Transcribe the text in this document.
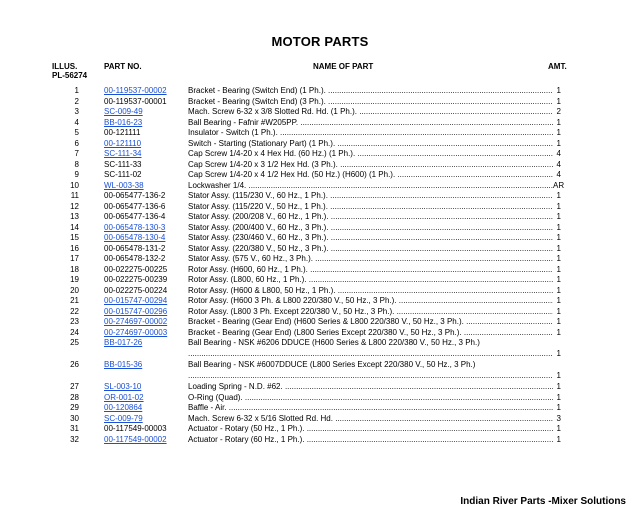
MOTOR PARTS
ILLUS.
PL-56274
PART NO.	NAME OF PART	AMT.
1	00-119537-00002	Bracket - Bearing (Switch End) (1 Ph.). .....	1
2	00-119537-00001	Bracket - Bearing (Switch End) (3 Ph.). .....	1
3	SC-009-49	Mach. Screw 6-32 x 3/8 Slotted Rd. Hd. (1 Ph.). .....	2
4	BB-016-23	Ball Bearing - Fafnir #W205PP. .....	1
5	00-121111	Insulator - Switch (1 Ph.). .....	1
6	00-121110	Switch - Starting (Stationary Part) (1 Ph.). .....	1
7	SC-111-34	Cap Screw 1/4-20 x 4 Hex Hd. (60 Hz.) (1 Ph.). .....	4
8	SC-111-33	Cap Screw 1/4-20 x 3 1/2 Hex Hd. (3 Ph.). .....	4
9	SC-111-02	Cap Screw 1/4-20 x 4 1/2 Hex Hd. (50 Hz.) (H600) (1 Ph.). .....	4
10	WL-003-38	Lockwasher 1/4. .....	AR
11	00-065477-136-2	Stator Assy. (115/230 V., 60 Hz., 1 Ph.). .....	1
12	00-065477-136-6	Stator Assy. (115/220 V., 50 Hz., 1 Ph.). .....	1
13	00-065477-136-4	Stator Assy. (200/208 V., 60 Hz., 1 Ph.). .....	1
14	00-065478-130-3	Stator Assy. (200/400 V., 60 Hz., 3 Ph.). .....	1
15	00-065478-130-4	Stator Assy. (230/460 V., 60 Hz., 3 Ph.). .....	1
16	00-065478-131-2	Stator Assy. (220/380 V., 50 Hz., 3 Ph.). .....	1
17	00-065478-132-2	Stator Assy. (575 V., 60 Hz., 3 Ph.). .....	1
18	00-022275-00225	Rotor Assy. (H600, 60 Hz., 1 Ph.). .....	1
19	00-022275-00239	Rotor Assy. (L800, 60 Hz., 1 Ph.). .....	1
20	00-022275-00224	Rotor Assy. (H600 & L800, 50 Hz., 1 Ph.). .....	1
21	00-015747-00294	Rotor Assy. (H600 3 Ph. & L800 220/380 V., 50 Hz., 3 Ph.). .....	1
22	00-015747-00296	Rotor Assy. (L800 3 Ph. Except 220/380 V., 50 Hz., 3 Ph.). .....	1
23	00-274697-00002	Bracket - Bearing (Gear End) (H600 Series & L800 220/380 V., 50 Hz., 3 Ph.). .....	1
24	00-274697-00003	Bracket - Bearing (Gear End) (L800 Series Except 220/380 V., 50 Hz., 3 Ph.). .....	1
25	BB-017-26	Ball Bearing - NSK #6206 DDUCE (H600 Series & L800 220/380 V., 50 Hz., 3 Ph.)
.....
1
26	BB-015-36	Ball Bearing - NSK #6007DDUCE (L800 Series Except 220/380 V., 50 Hz., 3 Ph.)
.....
1
27	SL-003-10	Loading Spring - N.D. #62. .....	1
28	OR-001-02	O-Ring (Quad). .....	1
29	00-120864	Baffle - Air. .....	1
30	SC-009-79	Mach. Screw 6-32 x 5/16 Slotted Rd. Hd. .....	3
31	00-117549-00003	Actuator - Rotary (50 Hz., 1 Ph.). .....	1
32	00-117549-00002	Actuator - Rotary (60 Hz., 1 Ph.). .....	1
Indian River Parts -Mixer Solutions
